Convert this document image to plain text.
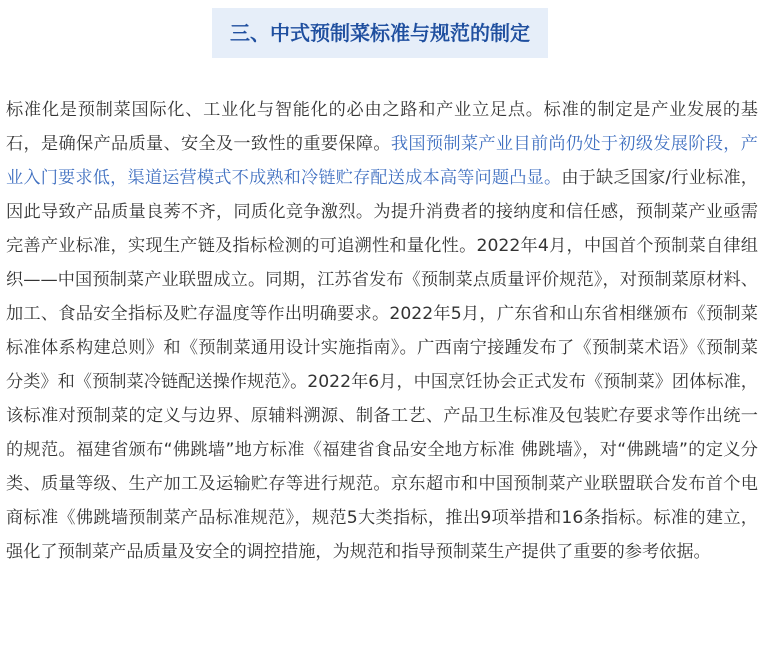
三、中式预制菜标准与规范的制定

标准化是预制菜国际化、工业化与智能化的必由之路和产业立足点。标准的制定是产业发展的基石，是确保产品质量、安全及一致性的重要保障。我国预制菜产业目前尚仍处于初级发展阶段，产业入门要求低，渠道运营模式不成熟和冷链贮存配送成本高等问题凸显。由于缺乏国家/行业标准，因此导致产品质量良莠不齐，同质化竞争激烈。为提升消费者的接纳度和信任感，预制菜产业亟需完善产业标准，实现生产链及指标检测的可追溯性和量化性。2022年4月，中国首个预制菜自律组织——中国预制菜产业联盟成立。同期，江苏省发布《预制菜点质量评价规范》，对预制菜原材料、加工、食品安全指标及贮存温度等作出明确要求。2022年5月，广东省和山东省相继颁布《预制菜标准体系构建总则》和《预制菜通用设计实施指南》。广西南宁接踵发布了《预制菜术语》《预制菜分类》和《预制菜冷链配送操作规范》。2022年6月，中国烹饪协会正式发布《预制菜》团体标准，该标准对预制菜的定义与边界、原辅料溯源、制备工艺、产品卫生标准及包装贮存要求等作出统一的规范。福建省颁布“佛跳墙”地方标准《福建省食品安全地方标准 佛跳墙》，对“佛跳墙”的定义分类、质量等级、生产加工及运输贮存等进行规范。京东超市和中国预制菜产业联盟联合发布首个电商标准《佛跳墙预制菜产品标准规范》，规范5大类指标，推出9项举措和16条指标。标准的建立，强化了预制菜产品质量及安全的调控措施，为规范和指导预制菜生产提供了重要的参考依据。
